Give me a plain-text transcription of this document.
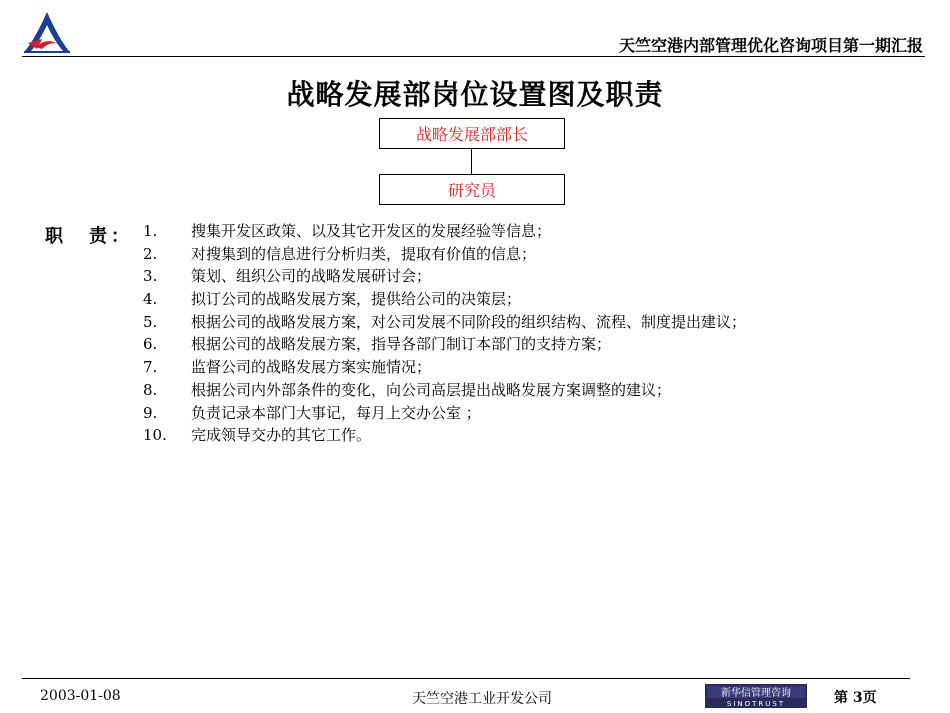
天竺空港内部管理优化咨询项目第一期汇报
战略发展部岗位设置图及职责
战略发展部部长
研究员
职　责： 1. 搜集开发区政策、以及其它开发区的发展经验等信息；
2. 对搜集到的信息进行分析归类，提取有价值的信息；
3. 策划、组织公司的战略发展研讨会；
4. 拟订公司的战略发展方案，提供给公司的决策层；
5. 根据公司的战略发展方案，对公司发展不同阶段的组织结构、流程、制度提出建议；
6. 根据公司的战略发展方案，指导各部门制订本部门的支持方案；
7. 监督公司的战略发展方案实施情况；
8. 根据公司内外部条件的变化，向公司高层提出战略发展方案调整的建议；
9. 负责记录本部门大事记，每月上交办公室 ；
10. 完成领导交办的其它工作。
2003-01-08	天竺空港工业开发公司	新华信管理咨询
SINOTRUST	第 3页
